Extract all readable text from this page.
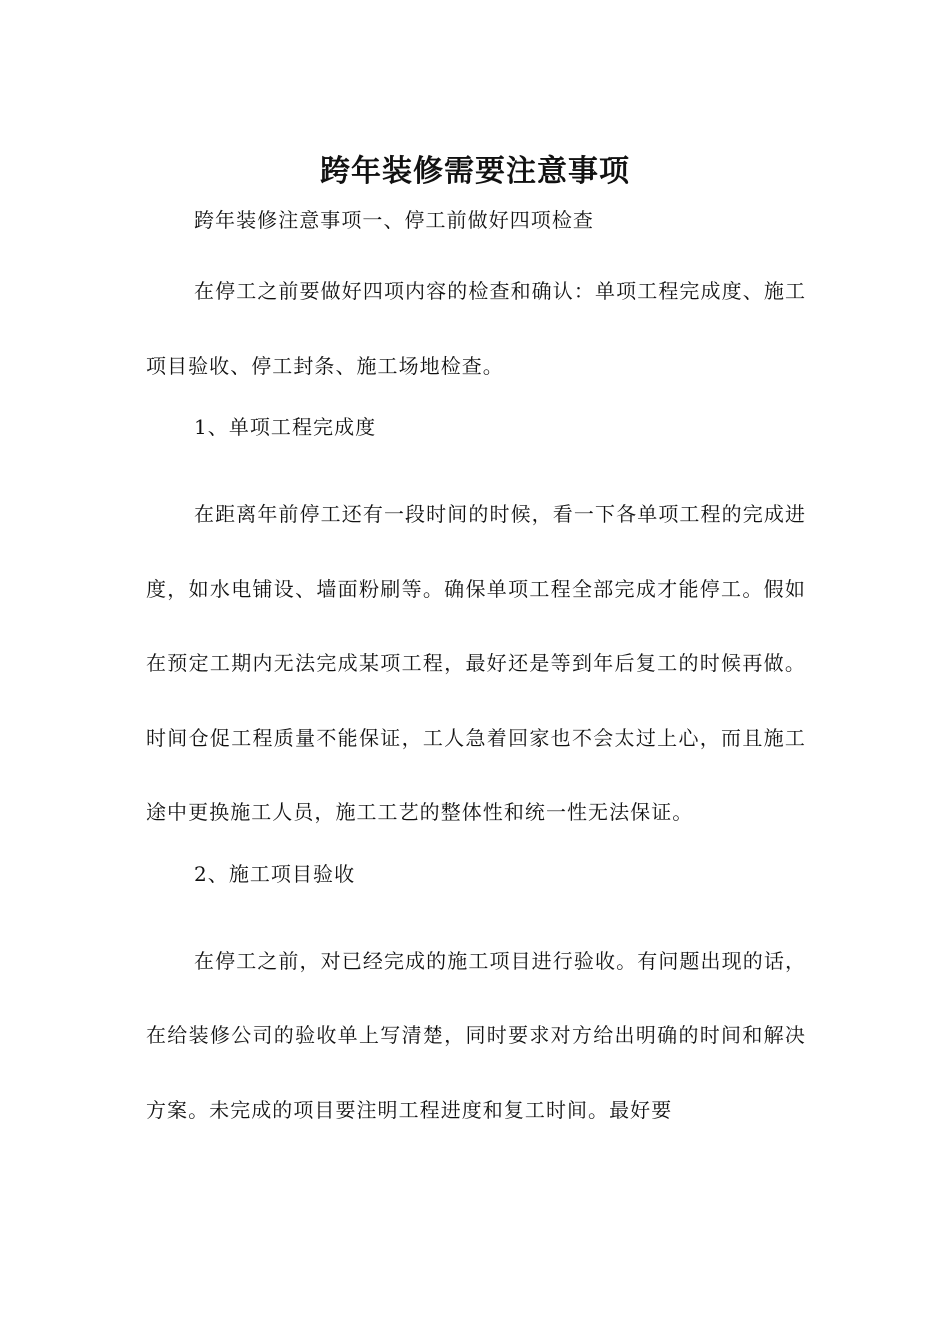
跨年装修需要注意事项

跨年装修注意事项一、停工前做好四项检查

在停工之前要做好四项内容的检查和确认：单项工程完成度、施工项目验收、停工封条、施工场地检查。

1、单项工程完成度

在距离年前停工还有一段时间的时候，看一下各单项工程的完成进度，如水电铺设、墙面粉刷等。确保单项工程全部完成才能停工。假如在预定工期内无法完成某项工程，最好还是等到年后复工的时候再做。时间仓促工程质量不能保证，工人急着回家也不会太过上心，而且施工途中更换施工人员，施工工艺的整体性和统一性无法保证。

2、施工项目验收

在停工之前，对已经完成的施工项目进行验收。有问题出现的话，在给装修公司的验收单上写清楚，同时要求对方给出明确的时间和解决方案。未完成的项目要注明工程进度和复工时间。最好要
